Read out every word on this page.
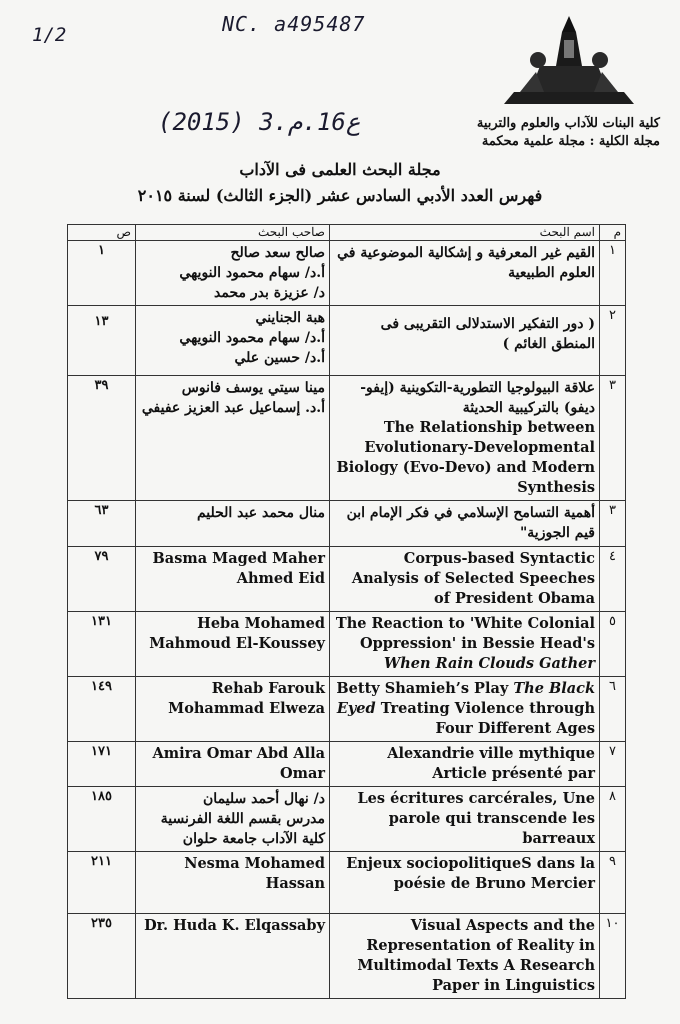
1/2	NC. a495487
(2015) 3.ع16.م	كلية البنات للآداب والعلوم والتربية
مجلة الكلية : مجلة علمية محكمة
مجلة البحث العلمى فى الآداب
فهرس العدد الأدبي السادس عشر (الجزء الثالث) لسنة ٢٠١٥
م	اسم البحث	صاحب البحث	ص
١	القيم غير المعرفية و إشكالية الموضوعية في العلوم الطبيعية	صالح سعد صالح
أ.د/ سهام محمود النويهي
د/ عزيزة بدر محمد	١
٢	( دور التفكير الاستدلالى التقريبى فى المنطق الغائم )	هبة الجنايني
أ.د/ سهام محمود النويهي
أ.د/ حسين علي	١٣
٣	علاقة البيولوجيا التطورية-التكوينية (إيفو-ديفو) بالتركيبية الحديثة
The Relationship between Evolutionary-Developmental Biology (Evo-Devo) and Modern Synthesis	مينا سيتي يوسف فانوس
أ.د. إسماعيل عبد العزيز عفيفي	٣٩
٣	أهمية التسامح الإسلامي في فكر الإمام ابن قيم الجوزية"	منال محمد عبد الحليم	٦٣
٤	Corpus-based Syntactic Analysis of Selected Speeches of President Obama	Basma Maged Maher Ahmed Eid	٧٩
٥	The Reaction to 'White Colonial Oppression' in Bessie Head's When Rain Clouds Gather	Heba Mohamed Mahmoud El-Koussey	١٣١
٦	Betty Shamieh’s Play The Black Eyed Treating Violence through Four Different Ages	Rehab Farouk Mohammad Elweza	١٤٩
٧	Alexandrie ville mythique Article présenté par	Amira Omar Abd Alla Omar	١٧١
٨	Les écritures carcérales, Une parole qui transcende les barreaux	د/ نهال أحمد سليمان
مدرس بقسم اللغة الفرنسية كلية الآداب جامعة حلوان	١٨٥
٩	Enjeux sociopolitiqueS dans la poésie de Bruno Mercier	Nesma Mohamed Hassan	٢١١
١٠	Visual Aspects and the Representation of Reality in Multimodal Texts A Research Paper in Linguistics	Dr. Huda K. Elqassaby	٢٣٥
